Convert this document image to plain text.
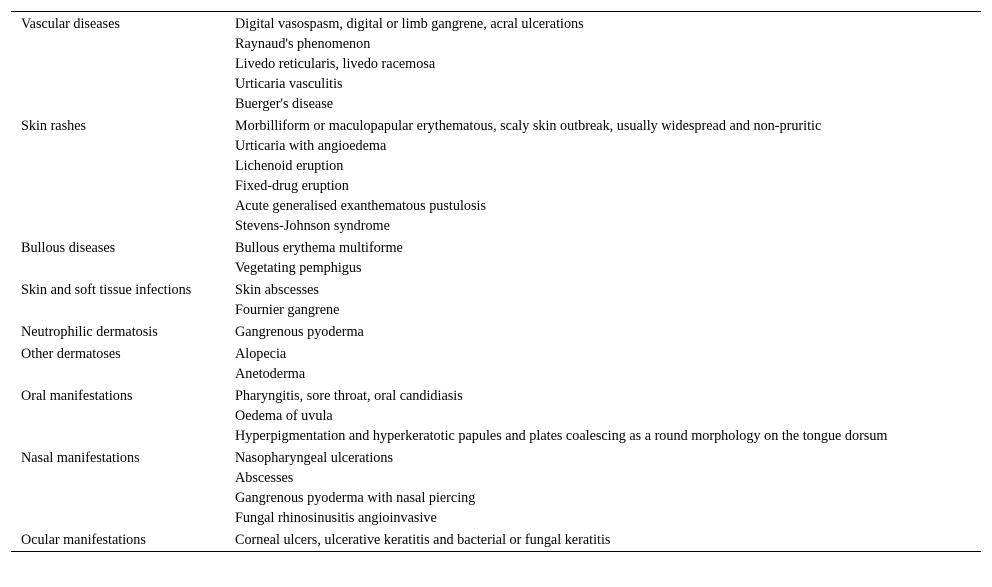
Vascular diseases	Digital vasospasm, digital or limb gangrene, acral ulcerations
Raynaud's phenomenon
Livedo reticularis, livedo racemosa
Urticaria vasculitis
Buerger's disease
Skin rashes	Morbilliform or maculopapular erythematous, scaly skin outbreak, usually widespread and non-pruritic
Urticaria with angioedema
Lichenoid eruption
Fixed-drug eruption
Acute generalised exanthematous pustulosis
Stevens-Johnson syndrome
Bullous diseases	Bullous erythema multiforme
Vegetating pemphigus
Skin and soft tissue infections	Skin abscesses
Fournier gangrene
Neutrophilic dermatosis	Gangrenous pyoderma
Other dermatoses	Alopecia
Anetoderma
Oral manifestations	Pharyngitis, sore throat, oral candidiasis
Oedema of uvula
Hyperpigmentation and hyperkeratotic papules and plates coalescing as a round morphology on the tongue dorsum
Nasal manifestations	Nasopharyngeal ulcerations
Abscesses
Gangrenous pyoderma with nasal piercing
Fungal rhinosinusitis angioinvasive
Ocular manifestations	Corneal ulcers, ulcerative keratitis and bacterial or fungal keratitis
